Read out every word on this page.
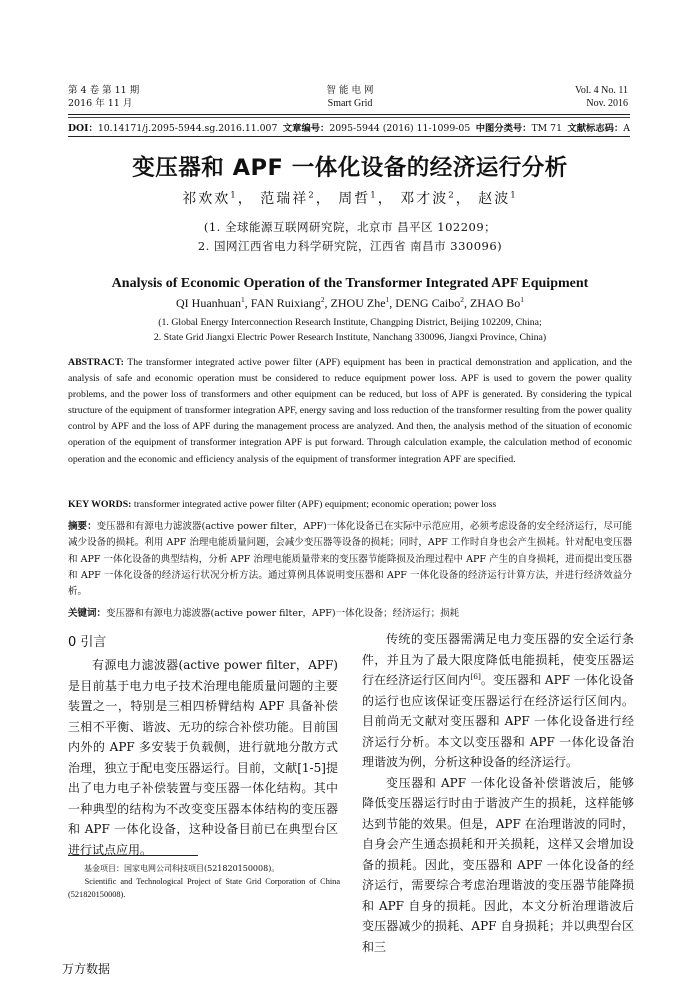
第 4 卷 第 11 期
2016 年 11 月
智 能 电 网
Smart Grid
Vol. 4 No. 11
Nov. 2016
DOI：10.14171/j.2095-5944.sg.2016.11.007 文章编号：2095-5944 (2016) 11-1099-05 中图分类号：TM 71 文献标志码：A
变压器和 APF 一体化设备的经济运行分析
祁欢欢$^1$， 范瑞祥$^2$， 周哲$^1$， 邓才波$^2$， 赵波$^1$
(1. 全球能源互联网研究院，北京市 昌平区 102209；
2. 国网江西省电力科学研究院，江西省 南昌市 330096)
Analysis of Economic Operation of the Transformer Integrated APF Equipment
QI Huanhuan$^1$, FAN Ruixiang$^2$, ZHOU Zhe$^1$, DENG Caibo$^2$, ZHAO Bo$^1$
(1. Global Energy Interconnection Research Institute, Changping District, Beijing 102209, China;
2. State Grid Jiangxi Electric Power Research Institute, Nanchang 330096, Jiangxi Province, China)
ABSTRACT: The transformer integrated active power filter (APF) equipment has been in practical demonstration and application, and the analysis of safe and economic operation must be considered to reduce equipment power loss. APF is used to govern the power quality problems, and the power loss of transformers and other equipment can be reduced, but loss of APF is generated. By considering the typical structure of the equipment of transformer integration APF, energy saving and loss reduction of the transformer resulting from the power quality control by APF and the loss of APF during the management process are analyzed. And then, the analysis method of the situation of economic operation of the equipment of transformer integration APF is put forward. Through calculation example, the calculation method of economic operation and the economic and efficiency analysis of the equipment of transformer integration APF are specified.
KEY WORDS: transformer integrated active power filter (APF) equipment; economic operation; power loss
摘要：变压器和有源电力滤波器(active power filter，APF)一体化设备已在实际中示范应用，必须考虑设备的安全经济运行，尽可能减少设备的损耗。利用 APF 治理电能质量问题，会减少变压器等设备的损耗；同时，APF 工作时自身也会产生损耗。针对配电变压器和 APF 一体化设备的典型结构，分析 APF 治理电能质量带来的变压器节能降损及治理过程中 APF 产生的自身损耗，进而提出变压器和 APF 一体化设备的经济运行状况分析方法。通过算例具体说明变压器和 APF 一体化设备的经济运行计算方法，并进行经济效益分析。
关键词：变压器和有源电力滤波器(active power filter，APF)一体化设备；经济运行；损耗
0 引言

有源电力滤波器(active power filter，APF)是目前基于电力电子技术治理电能质量问题的主要装置之一，特别是三相四桥臂结构 APF 具备补偿三相不平衡、谐波、无功的综合补偿功能。目前国内外的 APF 多安装于负载侧，进行就地分散方式治理，独立于配电变压器运行。目前，文献[1-5]提出了电力电子补偿装置与变压器一体化结构。其中一种典型的结构为不改变变压器本体结构的变压器和 APF 一体化设备，这种设备目前已在典型台区进行试点应用。

传统的变压器需满足电力变压器的安全运行条件，并且为了最大限度降低电能损耗，使变压器运行在经济运行区间内[6]。变压器和 APF 一体化设备的运行也应该保证变压器运行在经济运行区间内。目前尚无文献对变压器和 APF 一体化设备进行经济运行分析。本文以变压器和 APF 一体化设备治理谐波为例，分析这种设备的经济运行。

变压器和 APF 一体化设备补偿谐波后，能够降低变压器运行时由于谐波产生的损耗，这样能够达到节能的效果。但是，APF 在治理谐波的同时，自身会产生通态损耗和开关损耗，这样又会增加设备的损耗。因此，变压器和 APF 一体化设备的经济运行，需要综合考虑治理谐波的变压器节能降损和 APF 自身的损耗。因此，本文分析治理谐波后变压器减少的损耗、APF 自身损耗；并以典型台区和三

基金项目：国家电网公司科技项目(521820150008)。

Scientific and Technological Project of State Grid Corporation of China (521820150008).

万方数据
